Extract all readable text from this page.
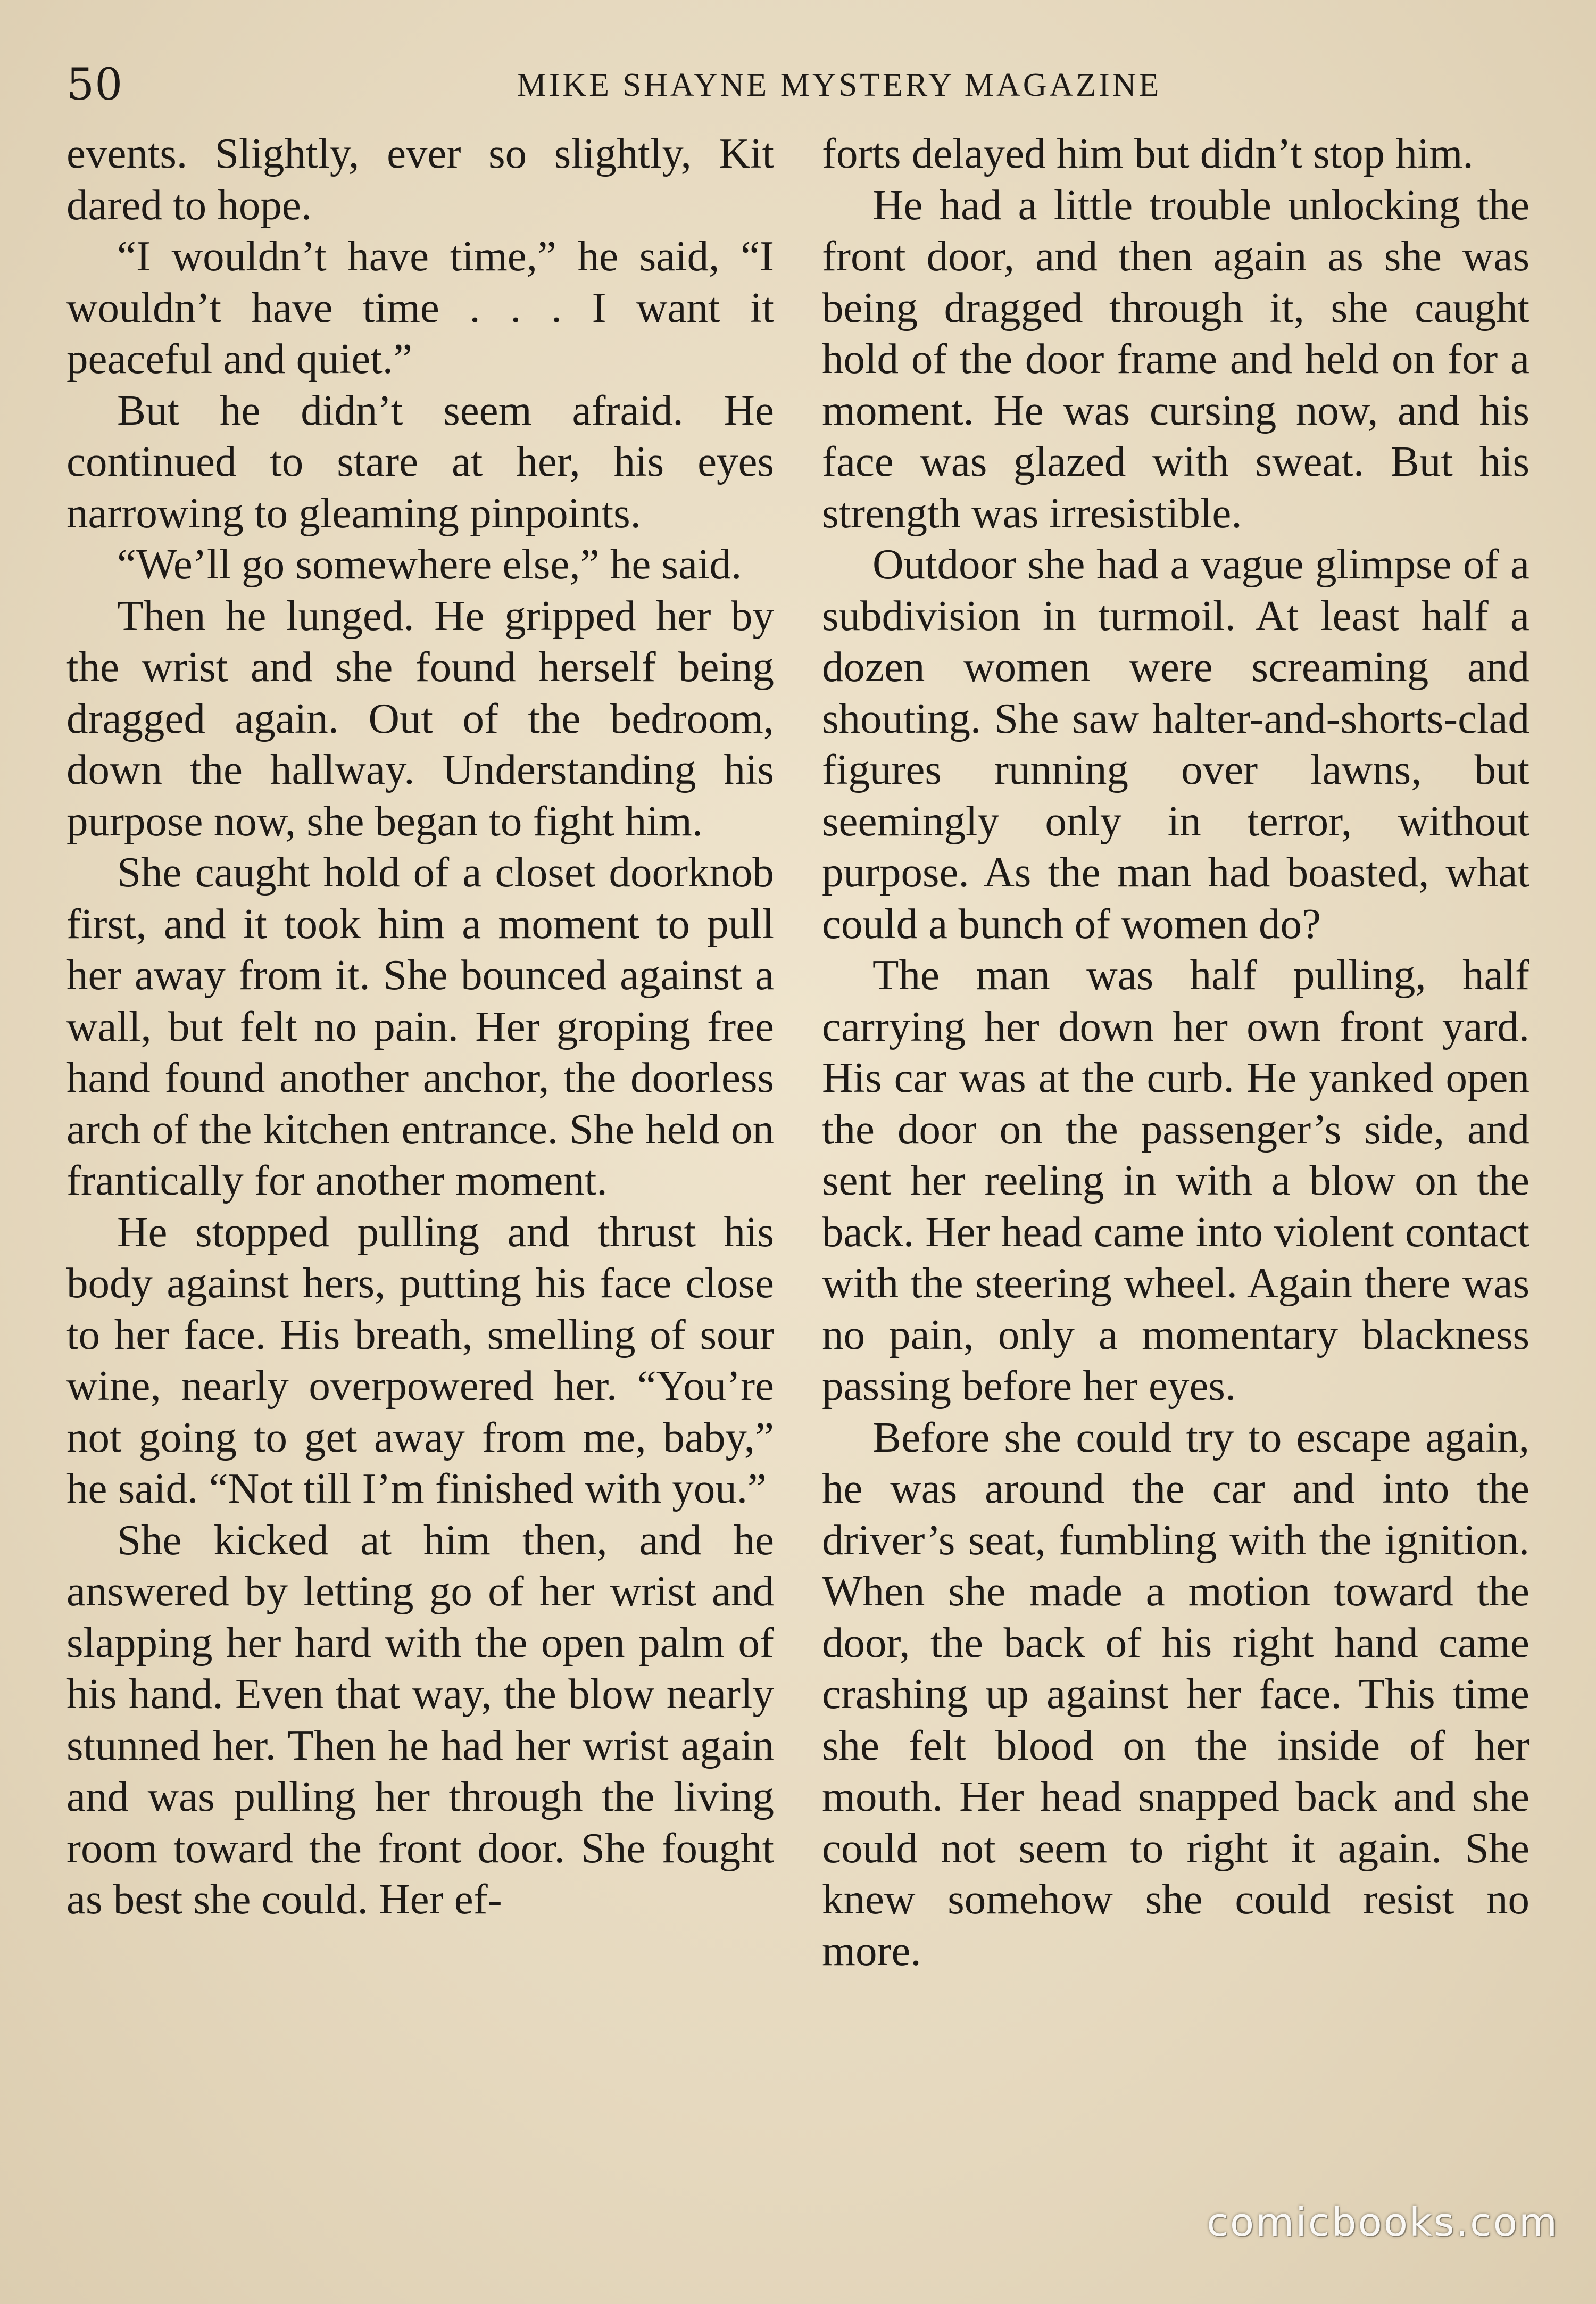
50	MIKE SHAYNE MYSTERY MAGAZINE

events. Slightly, ever so slightly, Kit dared to hope.

“I wouldn’t have time,” he said, “I wouldn’t have time . . . I want it peaceful and quiet.”

But he didn’t seem afraid. He continued to stare at her, his eyes narrowing to gleaming pinpoints.

“We’ll go somewhere else,” he said.

Then he lunged. He gripped her by the wrist and she found herself being dragged again. Out of the bedroom, down the hallway. Understanding his purpose now, she began to fight him.

She caught hold of a closet doorknob first, and it took him a moment to pull her away from it. She bounced against a wall, but felt no pain. Her groping free hand found another anchor, the doorless arch of the kitchen entrance. She held on frantically for another moment.

He stopped pulling and thrust his body against hers, putting his face close to her face. His breath, smelling of sour wine, nearly overpowered her. “You’re not going to get away from me, baby,” he said. “Not till I’m finished with you.”

She kicked at him then, and he answered by letting go of her wrist and slapping her hard with the open palm of his hand. Even that way, the blow nearly stunned her. Then he had her wrist again and was pulling her through the living room toward the front door. She fought as best she could. Her ef-

forts delayed him but didn’t stop him.

He had a little trouble unlocking the front door, and then again as she was being dragged through it, she caught hold of the door frame and held on for a moment. He was cursing now, and his face was glazed with sweat. But his strength was irresistible.

Outdoor she had a vague glimpse of a subdivision in turmoil. At least half a dozen women were screaming and shouting. She saw halter-and-shorts-clad figures running over lawns, but seemingly only in terror, without purpose. As the man had boasted, what could a bunch of women do?

The man was half pulling, half carrying her down her own front yard. His car was at the curb. He yanked open the door on the passenger’s side, and sent her reeling in with a blow on the back. Her head came into violent contact with the steering wheel. Again there was no pain, only a momentary blackness passing before her eyes.

Before she could try to escape again, he was around the car and into the driver’s seat, fumbling with the ignition. When she made a motion toward the door, the back of his right hand came crashing up against her face. This time she felt blood on the inside of her mouth. Her head snapped back and she could not seem to right it again. She knew somehow she could resist no more.

comicbooks.com
